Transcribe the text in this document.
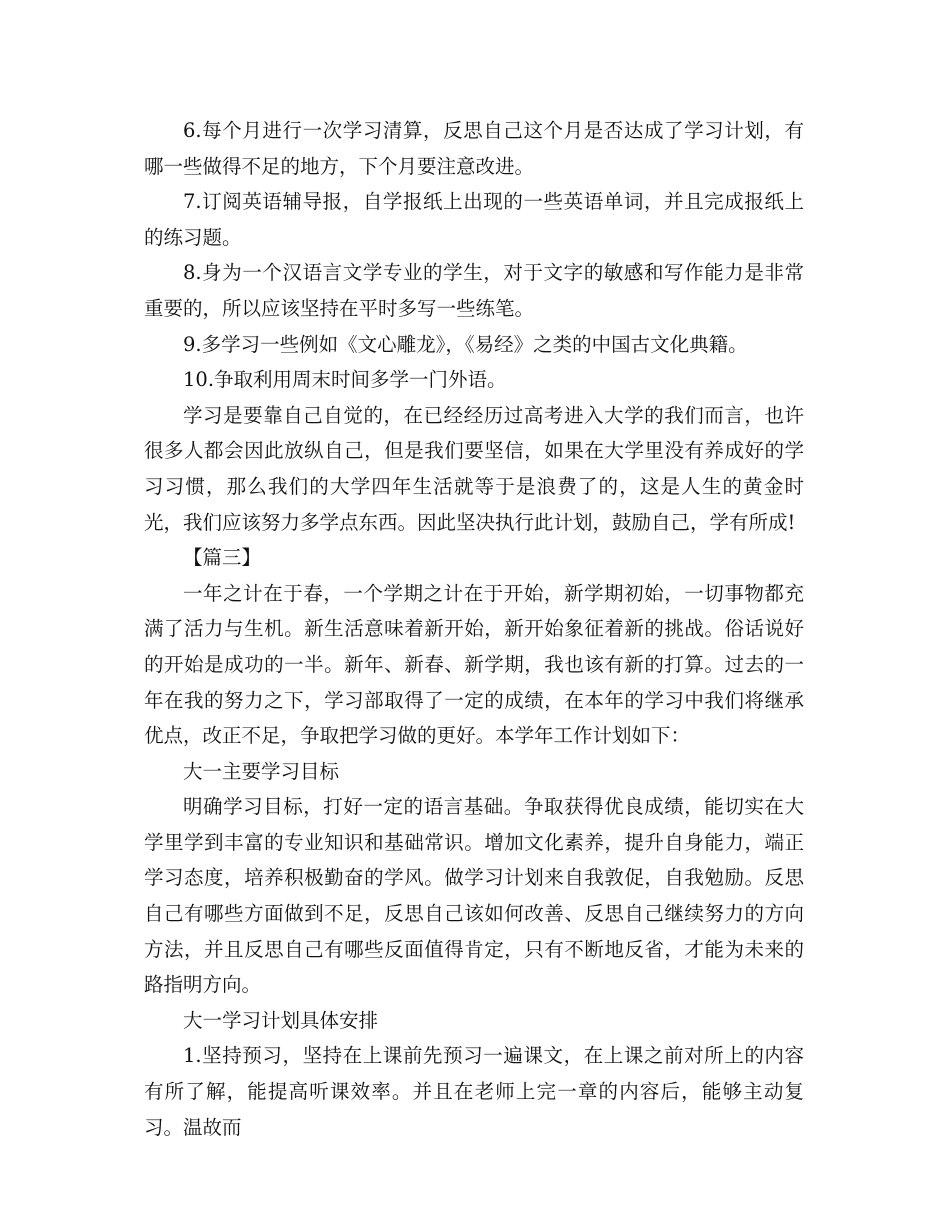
6.每个月进行一次学习清算，反思自己这个月是否达成了学习计划，有哪一些做得不足的地方，下个月要注意改进。

7.订阅英语辅导报，自学报纸上出现的一些英语单词，并且完成报纸上的练习题。

8.身为一个汉语言文学专业的学生，对于文字的敏感和写作能力是非常重要的，所以应该坚持在平时多写一些练笔。

9.多学习一些例如《文心雕龙》，《易经》之类的中国古文化典籍。

10.争取利用周末时间多学一门外语。

学习是要靠自己自觉的，在已经经历过高考进入大学的我们而言，也许很多人都会因此放纵自己，但是我们要坚信，如果在大学里没有养成好的学习习惯，那么我们的大学四年生活就等于是浪费了的，这是人生的黄金时光，我们应该努力多学点东西。因此坚决执行此计划，鼓励自己，学有所成!

【篇三】

一年之计在于春，一个学期之计在于开始，新学期初始，一切事物都充满了活力与生机。新生活意味着新开始，新开始象征着新的挑战。俗话说好的开始是成功的一半。新年、新春、新学期，我也该有新的打算。过去的一年在我的努力之下，学习部取得了一定的成绩，在本年的学习中我们将继承优点，改正不足，争取把学习做的更好。本学年工作计划如下：

大一主要学习目标

明确学习目标，打好一定的语言基础。争取获得优良成绩，能切实在大学里学到丰富的专业知识和基础常识。增加文化素养，提升自身能力，端正学习态度，培养积极勤奋的学风。做学习计划来自我敦促，自我勉励。反思自己有哪些方面做到不足，反思自己该如何改善、反思自己继续努力的方向方法，并且反思自己有哪些反面值得肯定，只有不断地反省，才能为未来的路指明方向。

大一学习计划具体安排

1.坚持预习，坚持在上课前先预习一遍课文，在上课之前对所上的内容有所了解，能提高听课效率。并且在老师上完一章的内容后，能够主动复习。温故而
